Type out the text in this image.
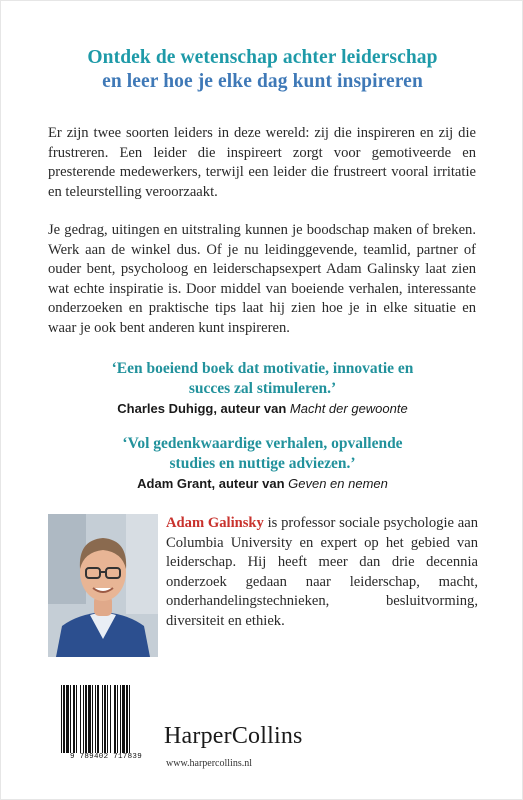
Ontdek de wetenschap achter leiderschap
en leer hoe je elke dag kunt inspireren
Er zijn twee soorten leiders in deze wereld: zij die inspireren en zij die frustreren. Een leider die inspireert zorgt voor gemotiveerde en presterende medewerkers, terwijl een leider die frustreert vooral irritatie en teleurstelling veroorzaakt.
Je gedrag, uitingen en uitstraling kunnen je boodschap maken of breken. Werk aan de winkel dus. Of je nu leidinggevende, teamlid, partner of ouder bent, psycholoog en leiderschapsexpert Adam Galinsky laat zien wat echte inspiratie is. Door middel van boeiende verhalen, interessante onderzoeken en praktische tips laat hij zien hoe je in elke situatie en waar je ook bent anderen kunt inspireren.
‘Een boeiend boek dat motivatie, innovatie en
succes zal stimuleren.’
Charles Duhigg, auteur van Macht der gewoonte
‘Vol gedenkwaardige verhalen, opvallende
studies en nuttige adviezen.’
Adam Grant, auteur van Geven en nemen
Adam Galinsky is professor sociale psychologie aan Columbia University en expert op het gebied van leiderschap. Hij heeft meer dan drie decennia onderzoek gedaan naar leiderschap, macht, onderhandelingstechnieken, besluitvorming, diversiteit en ethiek.
9 789402 717839
HarperCollins
www.harpercollins.nl
